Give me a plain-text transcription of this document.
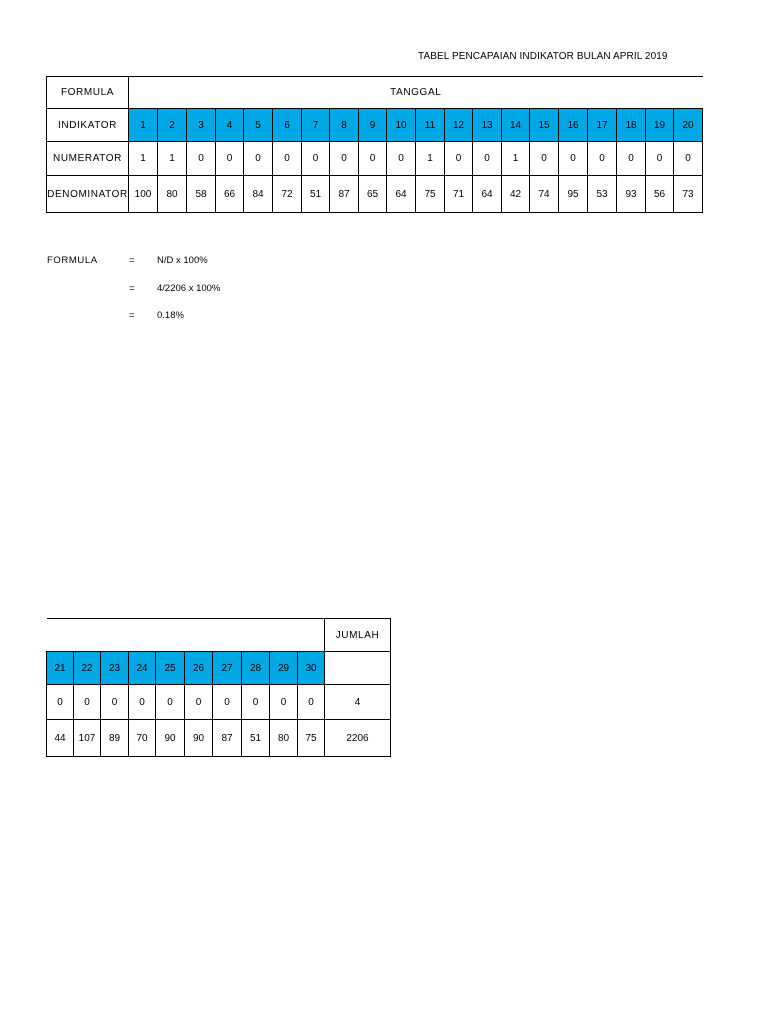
TABEL PENCAPAIAN INDIKATOR BULAN APRIL 2019
FORMULA	TANGGAL																			
INDIKATOR	1	2	3	4	5	6	7	8	9	10	11	12	13	14	15	16	17	18	19	20
NUMERATOR	1	1	0	0	0	0	0	0	0	0	1	0	0	1	0	0	0	0	0	0
DENOMINATOR	100	80	58	66	84	72	51	87	65	64	75	71	64	42	74	95	53	93	56	73
FORMULA	= N/D x 100%
= 4/2206 x 100%
= 0.18%
										JUMLAH
21	22	23	24	25	26	27	28	29	30	
0	0	0	0	0	0	0	0	0	0	4
44	107	89	70	90	90	87	51	80	75	2206
